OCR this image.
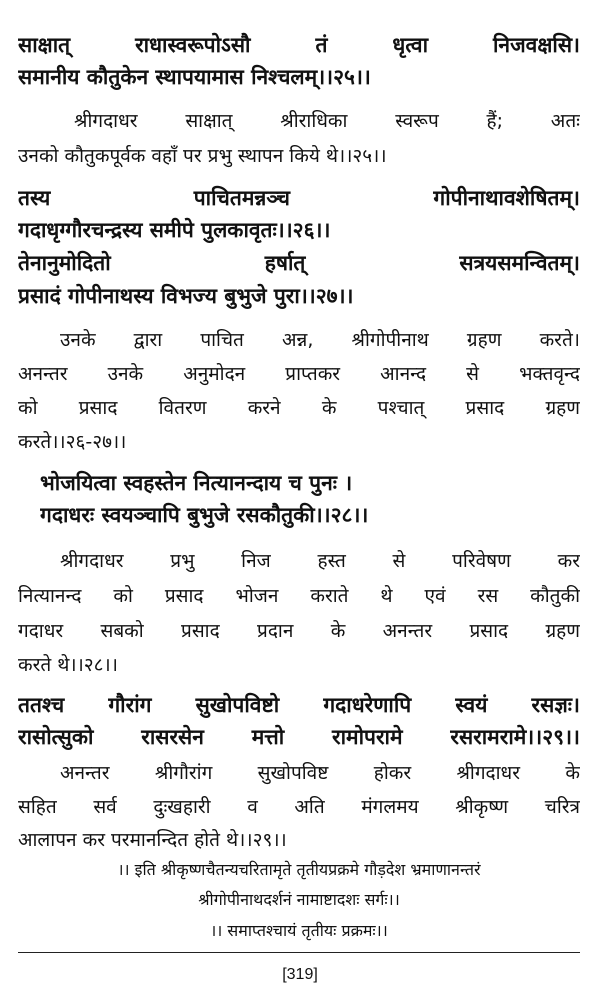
साक्षात् राधास्वरूपोऽसौ तं धृत्वा निजवक्षसि।
समानीय कौतुकेन स्थापयामास निश्चलम्।।२५।।
श्रीगदाधर साक्षात् श्रीराधिका स्वरूप हैं; अतः
उनको कौतुकपूर्वक वहाँ पर प्रभु स्थापन किये थे।।२५।।
तस्य पाचितमन्नञ्च गोपीनाथावशेषितम्।
गदाधृग्गौरचन्द्रस्य समीपे पुलकावृतः।।२६।।
तेनानुमोदितो हर्षात् सत्रयसमन्वितम्।
प्रसादं गोपीनाथस्य विभज्य बुभुजे पुरा।।२७।।
उनके द्वारा पाचित अन्न, श्रीगोपीनाथ ग्रहण करते।
अनन्तर उनके अनुमोदन प्राप्तकर आनन्द से भक्तवृन्द
को प्रसाद वितरण करने के पश्चात् प्रसाद ग्रहण
करते।।२६-२७।।
भोजयित्वा स्वहस्तेन नित्यानन्दाय च पुनः ।
गदाधरः स्वयञ्चापि बुभुजे रसकौतुकी।।२८।।
श्रीगदाधर प्रभु निज हस्त से परिवेषण कर
नित्यानन्द को प्रसाद भोजन कराते थे एवं रस कौतुकी
गदाधर सबको प्रसाद प्रदान के अनन्तर प्रसाद ग्रहण
करते थे।।२८।।
ततश्च गौरांग सुखोपविष्टो गदाधरेणापि स्वयं रसज्ञः।
रासोत्सुको रासरसेन मत्तो रामोपरामे रसरामरामे।।२९।।
अनन्तर श्रीगौरांग सुखोपविष्ट होकर श्रीगदाधर के
सहित सर्व दुःखहारी व अति मंगलमय श्रीकृष्ण चरित्र
आलापन कर परमानन्दित होते थे।।२९।।
।। इति श्रीकृष्णचैतन्यचरितामृते तृतीयप्रक्रमे गौड़देश भ्रमाणानन्तरं
श्रीगोपीनाथदर्शनं नामाष्टादशः सर्गः।।
।। समाप्तश्चायं तृतीयः प्रक्रमः।।
[319]
